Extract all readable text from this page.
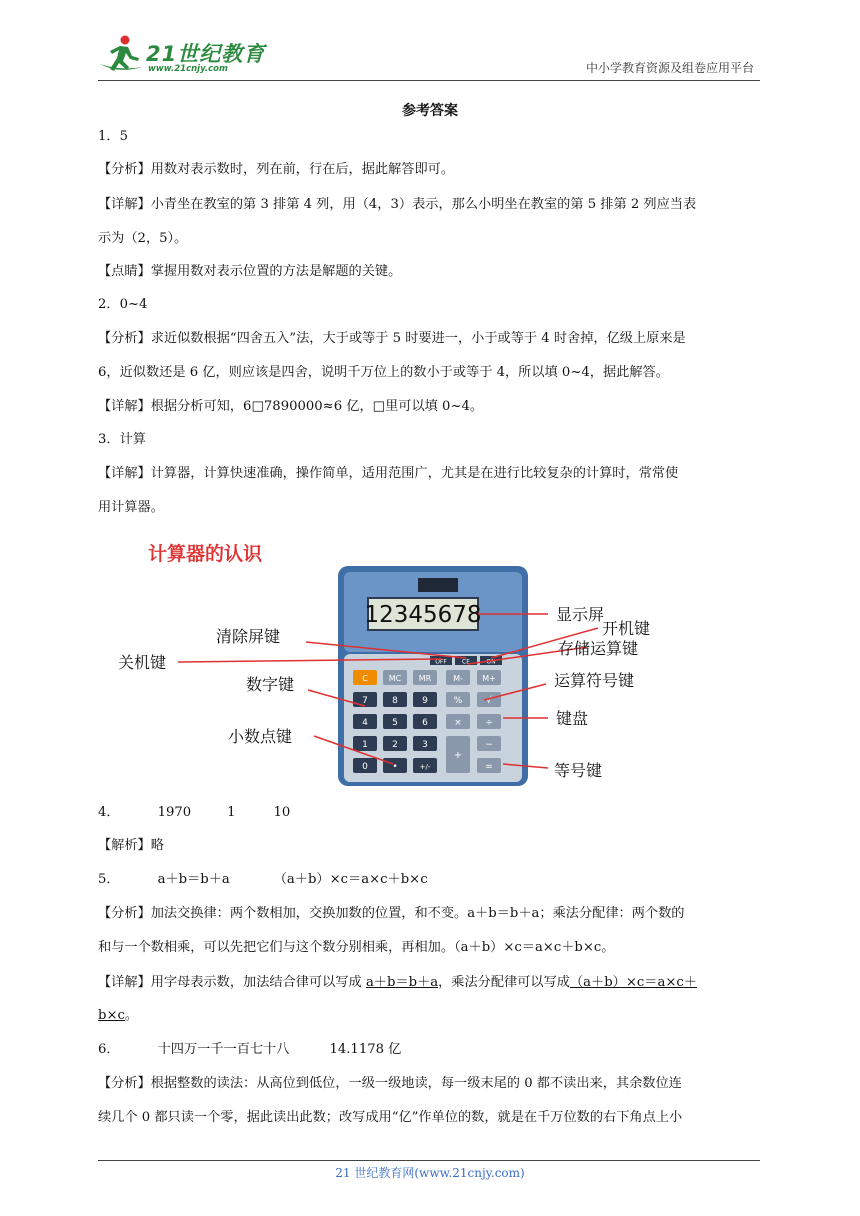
21世纪教育
www.21cnjy.com	中小学教育资源及组卷应用平台
参考答案
1．5
【分析】用数对表示数时，列在前，行在后，据此解答即可。
【详解】小青坐在教室的第 3 排第 4 列，用（4，3）表示，那么小明坐在教室的第 5 排第 2 列应当表
示为（2，5）。
【点睛】掌握用数对表示位置的方法是解题的关键。
2．0~4
【分析】求近似数根据“四舍五入”法，大于或等于 5 时要进一，小于或等于 4 时舍掉，亿级上原来是
6，近似数还是 6 亿，则应该是四舍，说明千万位上的数小于或等于 4，所以填 0~4，据此解答。
【详解】根据分析可知，6□7890000≈6 亿，□里可以填 0~4。
3．计算
【详解】计算器，计算快速准确，操作简单，适用范围广，尤其是在进行比较复杂的计算时，常常使
用计算器。
计算器的认识
12345678
OFF	CE	ON
C	MC MR	M- M+
7	8	9	%	√
4	5	6	×	÷
1	2	3
+
−
0	•	+/-	=
显示屏
开机键
清除屏键
存储运算键
关机键
运算符号键
数字键
键盘
小数点键
等号键
4．	1970	1	10
【解析】略
5．	a＋b＝b＋a	（a＋b）×c＝a×c＋b×c
【分析】加法交换律：两个数相加，交换加数的位置，和不变。a＋b＝b＋a；乘法分配律：两个数的
和与一个数相乘，可以先把它们与这个数分别相乘，再相加。（a＋b）×c＝a×c＋b×c。
【详解】用字母表示数，加法结合律可以写成 a＋b＝b＋a，乘法分配律可以写成（a＋b）×c＝a×c＋
b×c。
6．	十四万一千一百七十八	14.1178 亿
【分析】根据整数的读法：从高位到低位，一级一级地读，每一级末尾的 0 都不读出来，其余数位连
续几个 0 都只读一个零，据此读出此数；改写成用“亿”作单位的数，就是在千万位数的右下角点上小
21 世纪教育网(www.21cnjy.com)
